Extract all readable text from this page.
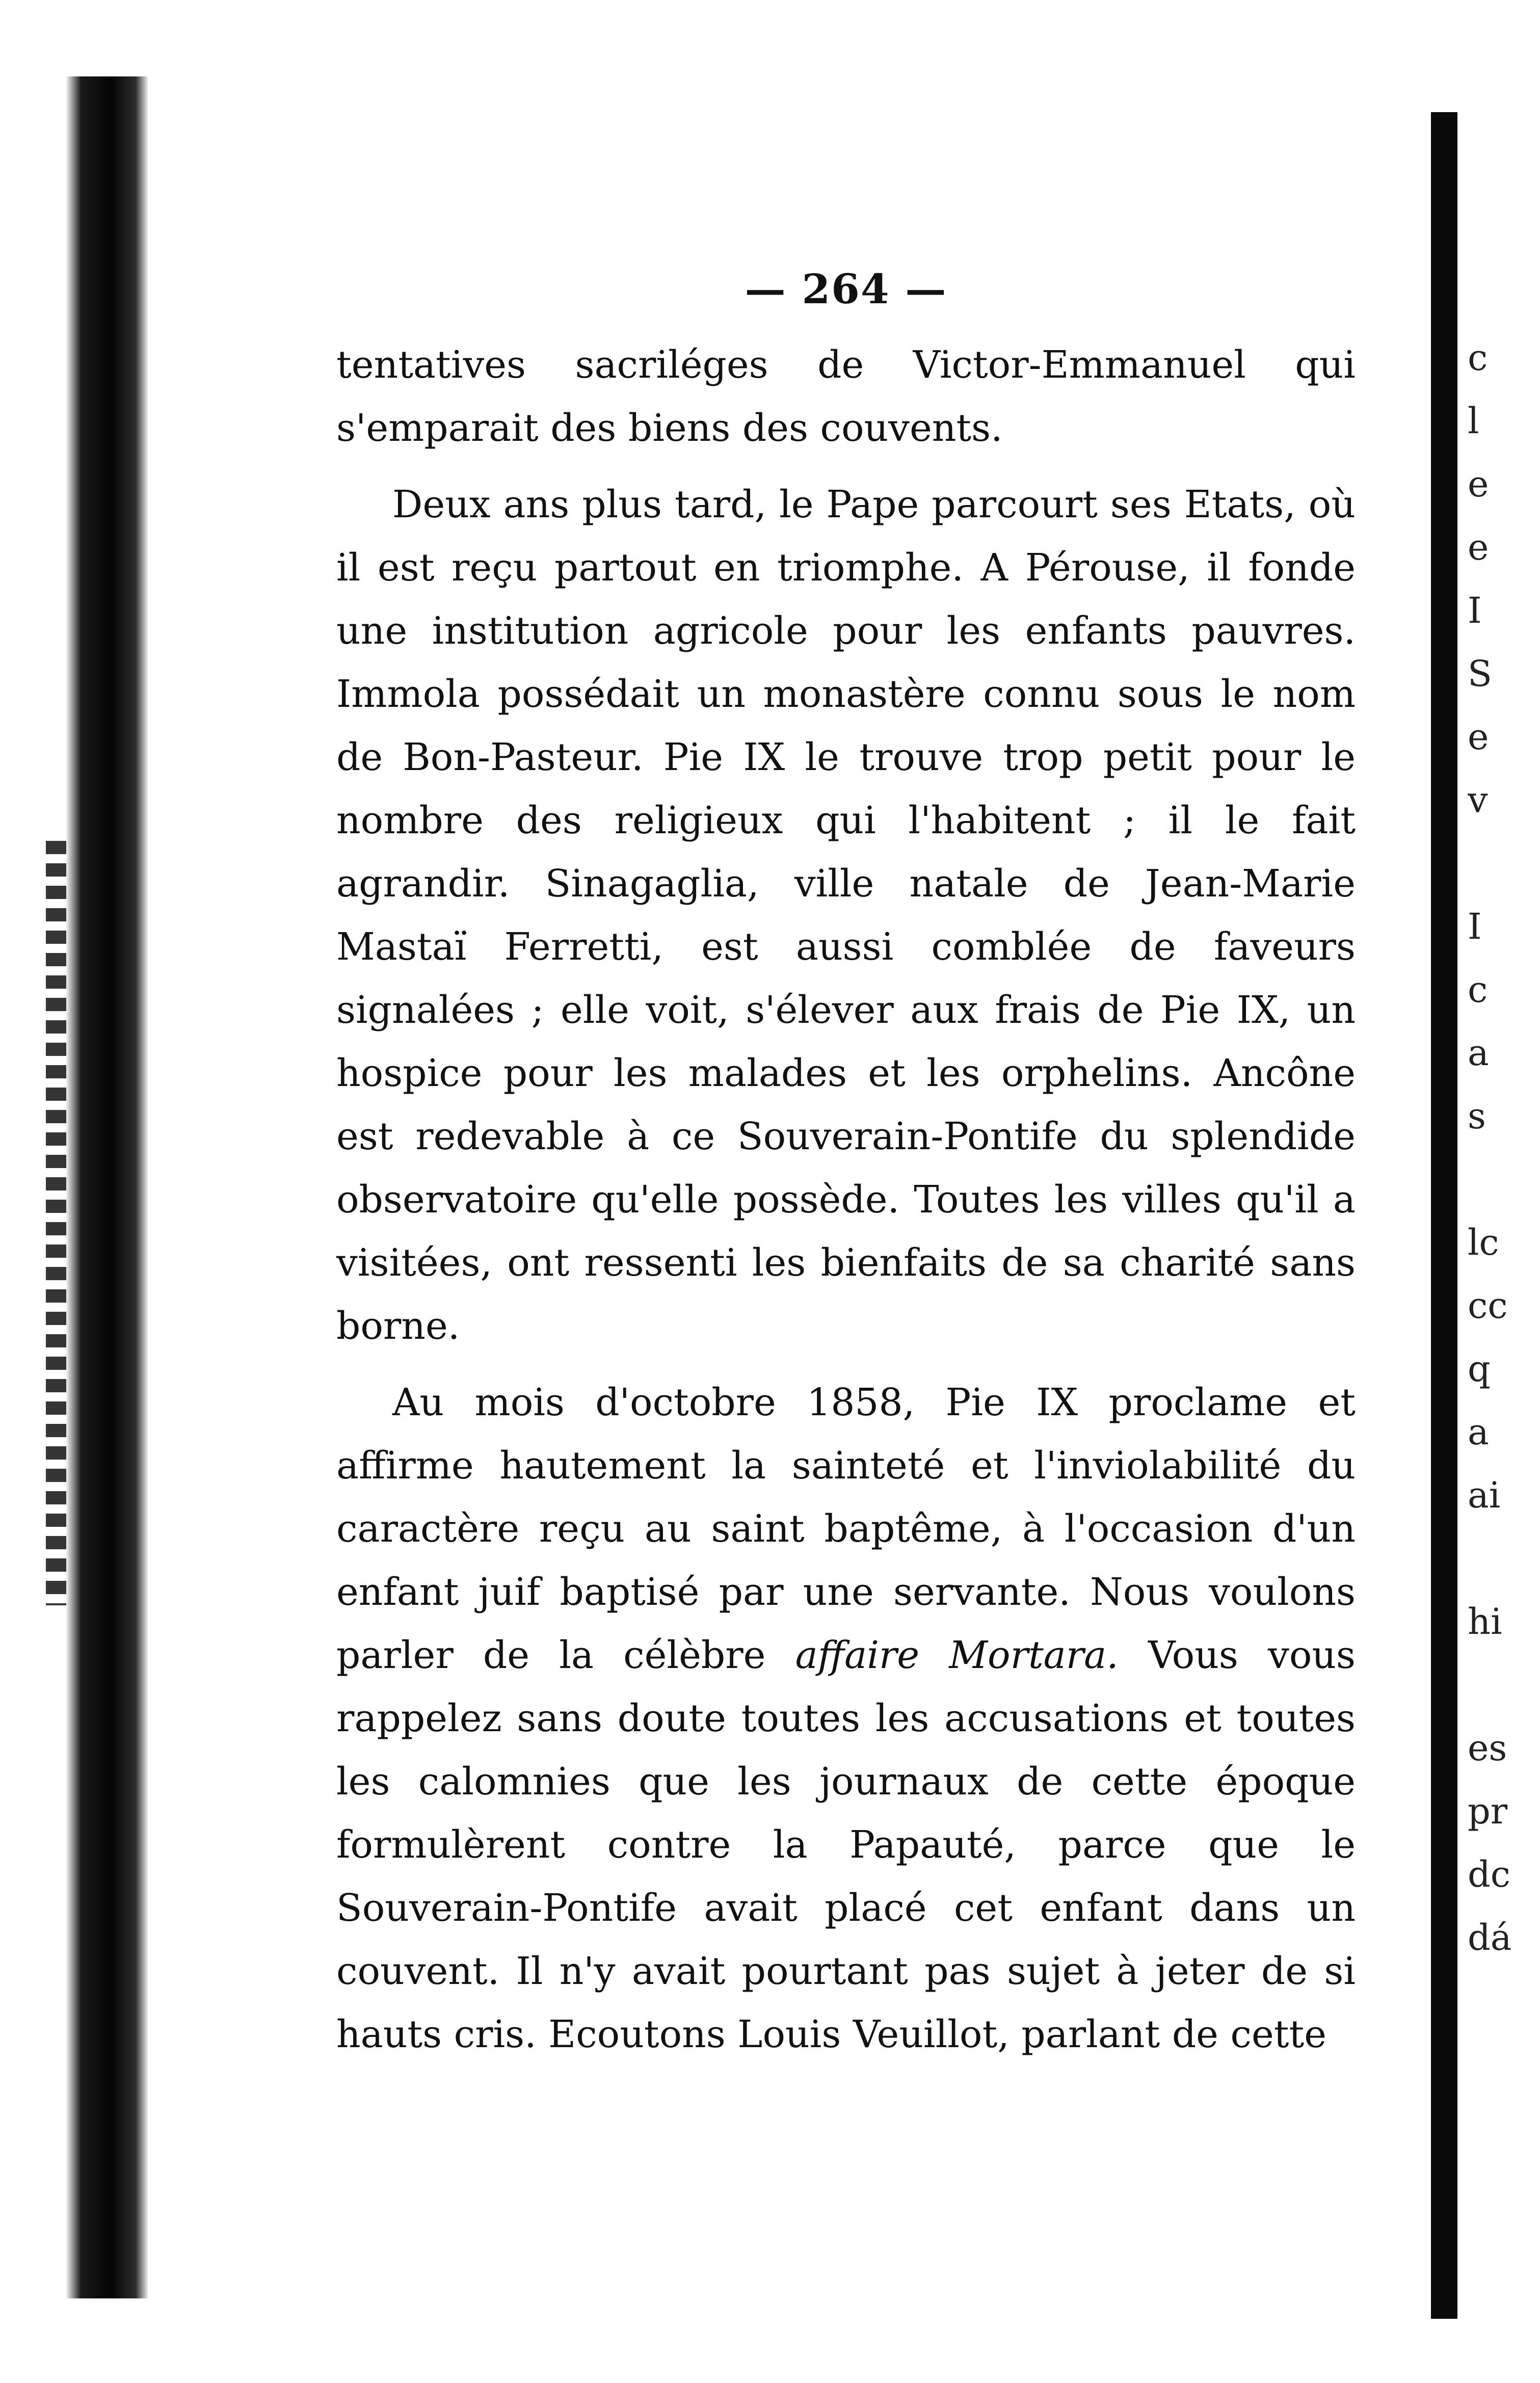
— 264 —

tentatives sacriléges de Victor-Emmanuel qui s'emparait des biens des couvents.

Deux ans plus tard, le Pape parcourt ses Etats, où il est reçu partout en triomphe. A Pérouse, il fonde une institution agricole pour les enfants pauvres. Immola possédait un monastère connu sous le nom de Bon-Pasteur. Pie IX le trouve trop petit pour le nombre des religieux qui l'habitent ; il le fait agrandir. Sinagaglia, ville natale de Jean-Marie Mastaï Ferretti, est aussi comblée de faveurs signalées ; elle voit, s'élever aux frais de Pie IX, un hospice pour les malades et les orphelins. Ancône est redevable à ce Souverain-Pontife du splendide observatoire qu'elle possède. Toutes les villes qu'il a visitées, ont ressenti les bienfaits de sa charité sans borne.

Au mois d'octobre 1858, Pie IX proclame et affirme hautement la sainteté et l'inviolabilité du caractère reçu au saint baptême, à l'occasion d'un enfant juif baptisé par une servante. Nous voulons parler de la célèbre affaire Mortara. Vous vous rappelez sans doute toutes les accusations et toutes les calomnies que les journaux de cette époque formulèrent contre la Papauté, parce que le Souverain-Pontife avait placé cet enfant dans un couvent. Il n'y avait pourtant pas sujet à jeter de si hauts cris. Ecoutons Louis Veuillot, parlant de cette

c
l
e
e
I
S
e
v
I
c
a
s
lc
cc
q
a
ai
hi
es
pr
dc
dá
